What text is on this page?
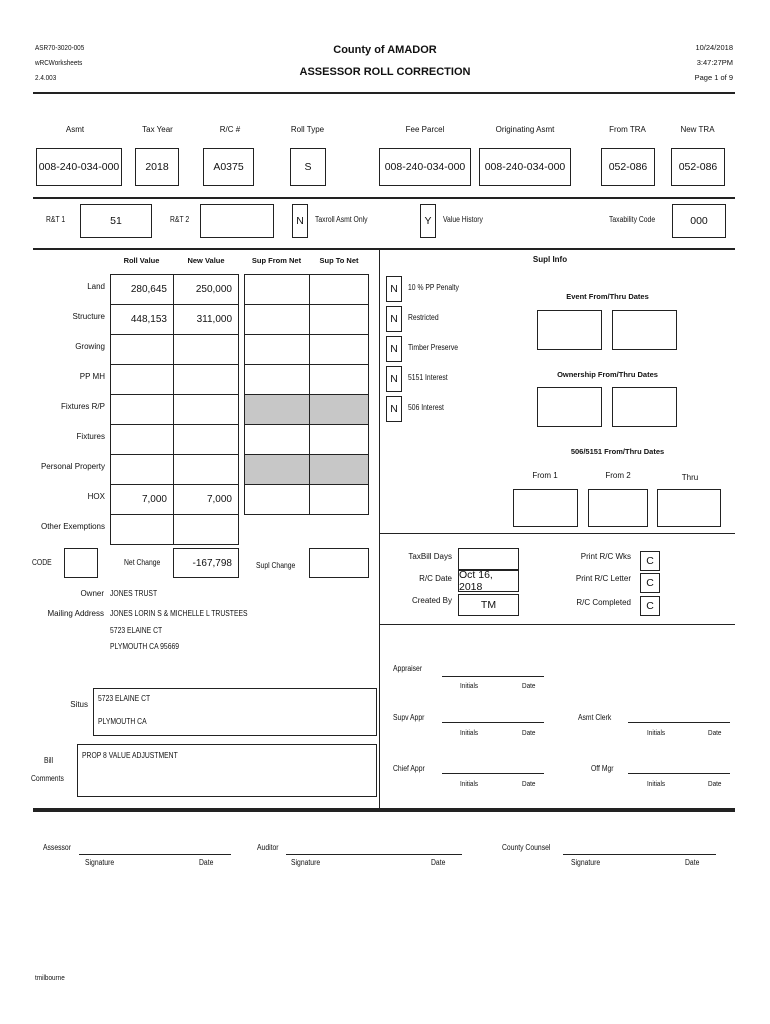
ASR70-3020-005
wRCWorksheets
2.4.003
County of AMADOR
ASSESSOR ROLL CORRECTION
10/24/2018
3:47:27PM
Page 1 of 9
Asmt	Tax Year	R/C #	Roll Type	Fee Parcel	Originating Asmt	From TRA	New TRA
008-240-034-000	2018	A0375	S	008-240-034-000	008-240-034-000	052-086	052-086
R&T 1	51	R&T 2	N	Taxroll Asmt Only	Y	Value History	Taxability Code	000
Roll Value	New Value	Sup From Net	Sup To Net
Land	280,645	250,000
Structure	448,153	311,000
Growing
PP MH
Fixtures R/P
Fixtures
Personal Property
HOX	7,000	7,000
Other Exemptions
CODE	Net Change	-167,798	Supl Change
Supl Info
N	10 % PP Penalty
N	Restricted
N	Timber Preserve
N	5151 Interest
N	506 Interest
Event From/Thru Dates
Ownership From/Thru Dates
506/5151 From/Thru Dates
From 1	From 2	Thru
TaxBill Days
R/C Date Oct 16, 2018
Created By	TM
Print R/C Wks	C
Print R/C Letter	C
R/C Completed	C
Owner JONES TRUST
Mailing Address JONES LORIN S & MICHELLE L TRUSTEES
5723 ELAINE CT
PLYMOUTH CA 95669
Situs
5723 ELAINE CT
PLYMOUTH CA
Bill
Comments
PROP 8 VALUE ADJUSTMENT
Appraiser
Initials	Date
Supv Appr
Initials	Date
Asmt Clerk
Initials	Date
Chief Appr
Initials	Date
Off Mgr
Initials	Date
Assessor
Signature	Date
Auditor
Signature	Date
County Counsel
Signature	Date
tmilbourne
